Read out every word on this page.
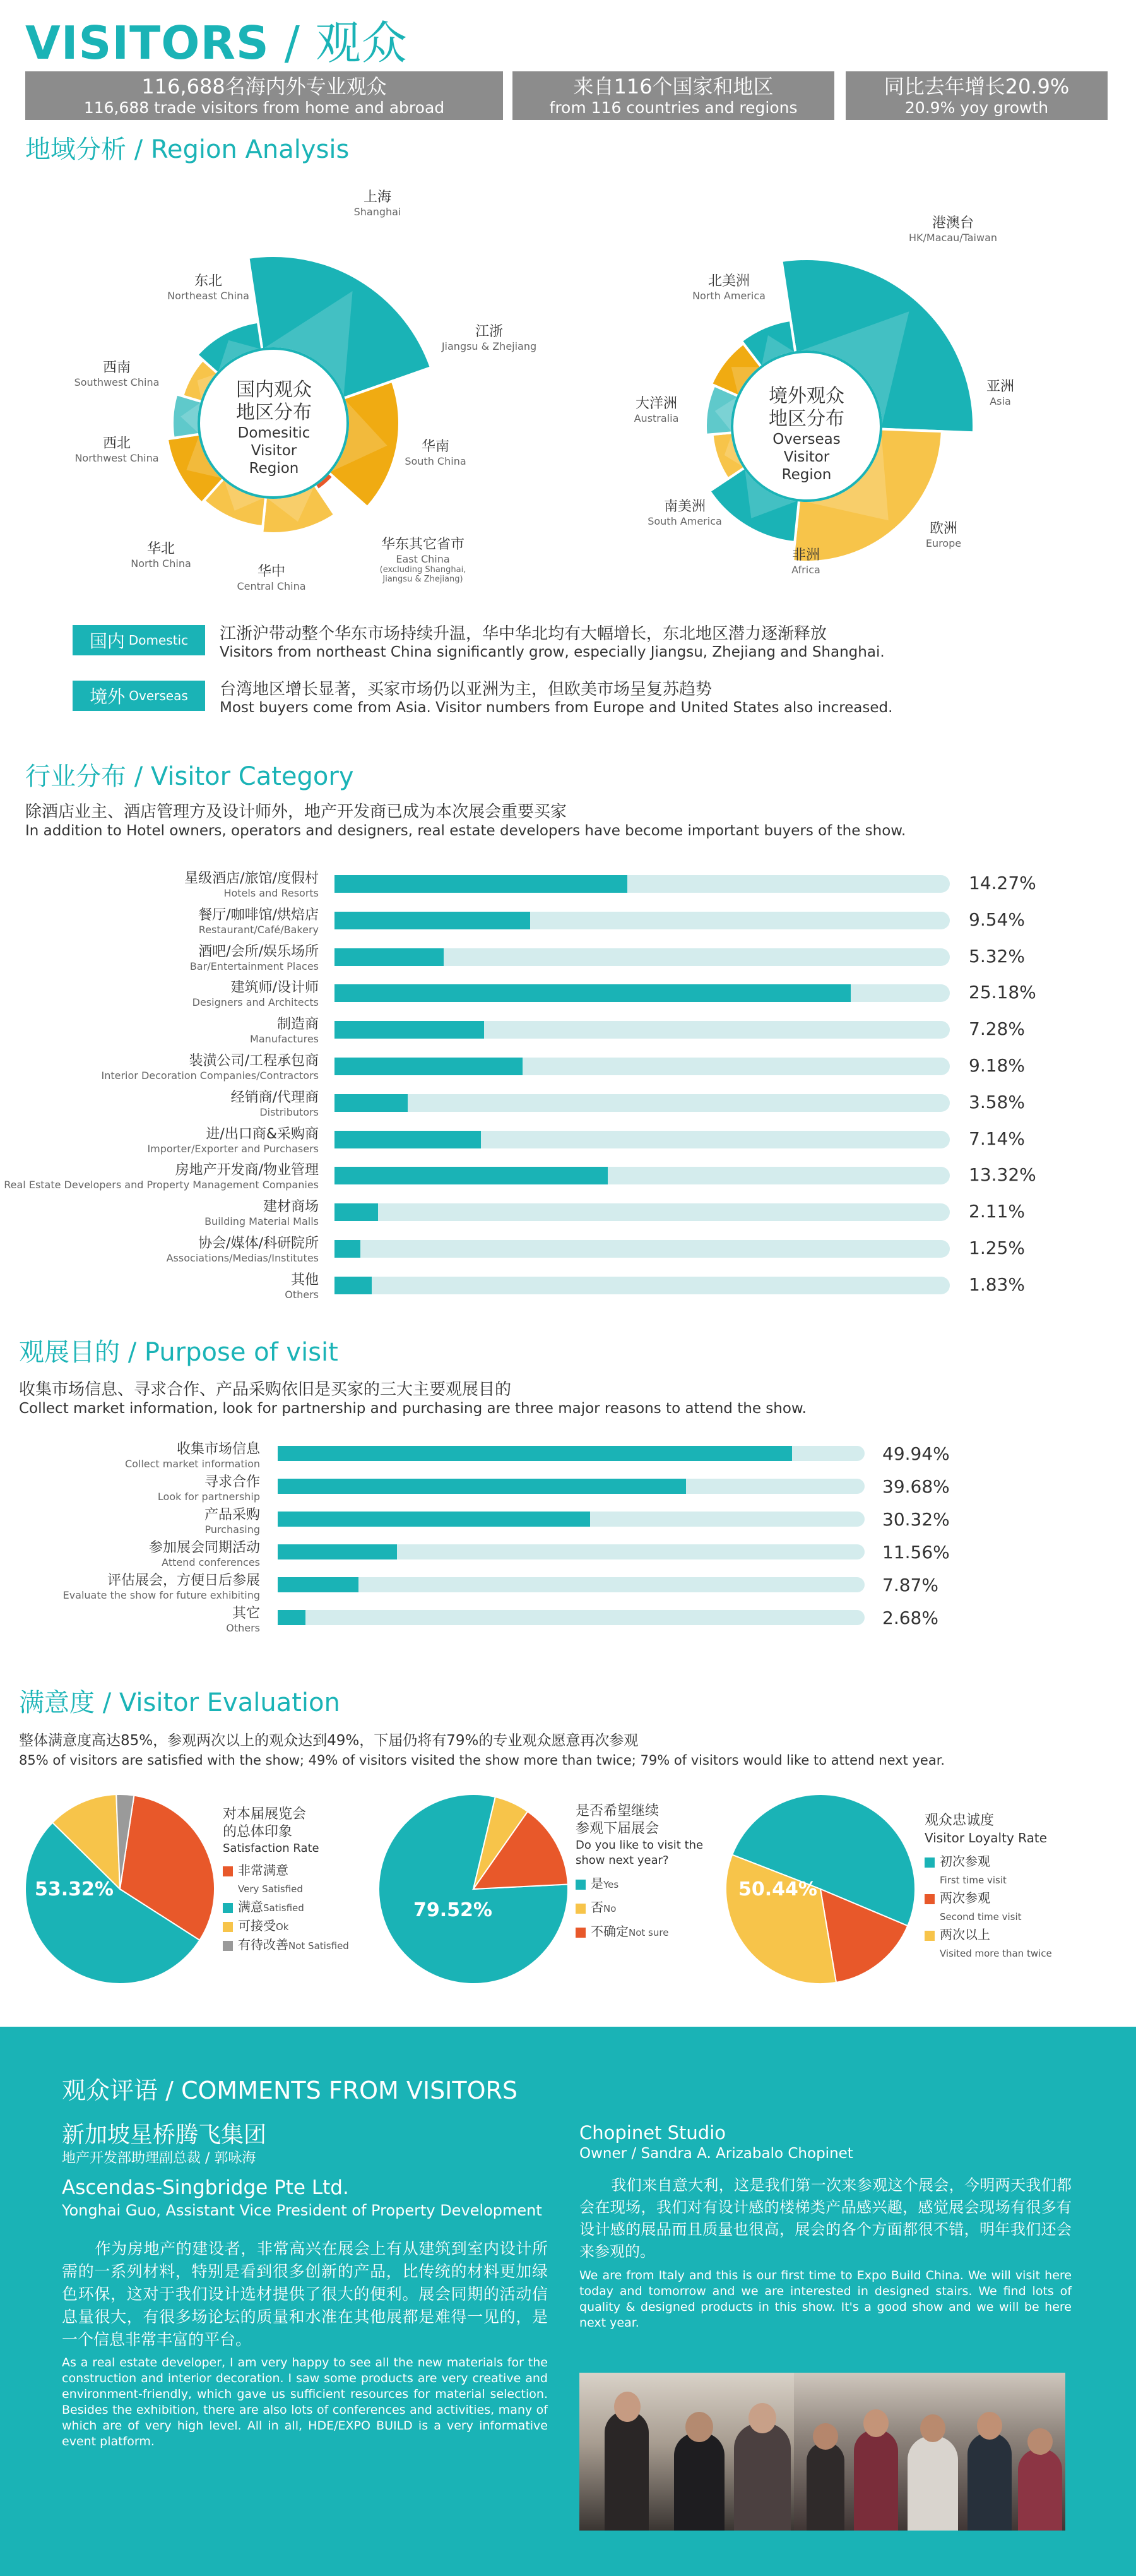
VISITORS / 观众
116,688名海内外专业观众
116,688 trade visitors from home and abroad
来自116个国家和地区
from 116 countries and regions
同比去年增长20.9%
20.9% yoy growth
地域分析 / Region Analysis
国内观众
地区分布
Domesitic
Visitor
Region
境外观众
地区分布
Overseas
Visitor
Region
上海
Shanghai
江浙
Jiangsu & Zhejiang
华南
South China
华东其它省市
East China
(excluding Shanghai,
Jiangsu & Zhejiang)
华中
Central China
华北
North China
西北
Northwest China
西南
Southwest China
东北
Northeast China
港澳台
HK/Macau/Taiwan
亚洲
Asia
欧洲
Europe
非洲
Africa
南美洲
South America
大洋洲
Australia
北美洲
North America
国内 Domestic 江浙沪带动整个华东市场持续升温，华中华北均有大幅增长，东北地区潜力逐渐释放
Visitors from northeast China significantly grow, especially Jiangsu, Zhejiang and Shanghai.
境外 Overseas 台湾地区增长显著，买家市场仍以亚洲为主，但欧美市场呈复苏趋势
Most buyers come from Asia. Visitor numbers from Europe and United States also increased.
行业分布 / Visitor Category
除酒店业主、酒店管理方及设计师外，地产开发商已成为本次展会重要买家
In addition to Hotel owners, operators and designers, real estate developers have become important buyers of the show.
观展目的 / Purpose of visit
收集市场信息、寻求合作、产品采购依旧是买家的三大主要观展目的
Collect market information, look for partnership and purchasing are three major reasons to attend the show.
满意度 / Visitor Evaluation
整体满意度高达85%，参观两次以上的观众达到49%，下届仍将有79%的专业观众愿意再次参观
85% of visitors are satisfied with the show; 49% of visitors visited the show more than twice; 79% of visitors would like to attend next year.
53.32%
79.52%
50.44%
对本届展览会
的总体印象
Satisfaction Rate
非常满意
Very Satisfied
满意Satisfied
可接受Ok
有待改善Not Satisfied
是否希望继续
参观下届展会
Do you like to visit the
show next year?
是Yes
否No
不确定Not sure
观众忠诚度
Visitor Loyalty Rate
初次参观
First time visit
两次参观
Second time visit
两次以上
Visited more than twice
观众评语 / COMMENTS FROM VISITORS
新加坡星桥腾飞集团
地产开发部助理副总裁 / 郭咏海
Ascendas-Singbridge Pte Ltd.
Yonghai Guo, Assistant Vice President of Property Development
作为房地产的建设者，非常高兴在展会上有从建筑到室内设计所需的一系列材料，特别是看到很多创新的产品，比传统的材料更加绿色环保，这对于我们设计选材提供了很大的便利。展会同期的活动信息量很大，有很多场论坛的质量和水准在其他展都是难得一见的，是一个信息非常丰富的平台。
As a real estate developer, I am very happy to see all the new materials for the construction and interior decoration. I saw some products are very creative and environment-friendly, which gave us sufficient resources for material selection. Besides the exhibition, there are also lots of conferences and activities, many of which are of very high level. All in all, HDE/EXPO BUILD is a very informative event platform.
Chopinet Studio
Owner / Sandra A. Arizabalo Chopinet
我们来自意大利，这是我们第一次来参观这个展会，今明两天我们都会在现场，我们对有设计感的楼梯类产品感兴趣，感觉展会现场有很多有设计感的展品而且质量也很高，展会的各个方面都很不错，明年我们还会来参观的。
We are from Italy and this is our first time to Expo Build China. We will visit here today and tomorrow and we are interested in designed stairs. We find lots of quality & designed products in this show. It's a good show and we will be here next year.
星级酒店/旅馆/度假村
Hotels and Resorts	14.27%
餐厅/咖啡馆/烘焙店
Restaurant/Café/Bakery	9.54%
酒吧/会所/娱乐场所
Bar/Entertainment Places	5.32%
建筑师/设计师
Designers and Architects	25.18%
制造商
Manufactures	7.28%
装潢公司/工程承包商
Interior Decoration Companies/Contractors	9.18%
经销商/代理商
Distributors	3.58%
进/出口商&采购商
Importer/Exporter and Purchasers	7.14%
房地产开发商/物业管理
Real Estate Developers and Property Management Companies	13.32%
建材商场
Building Material Malls	2.11%
协会/媒体/科研院所
Associations/Medias/Institutes	1.25%
其他
Others	1.83%
收集市场信息
Collect market information	49.94%
寻求合作
Look for partnership	39.68%
产品采购
Purchasing	30.32%
参加展会同期活动
Attend conferences	11.56%
评估展会，方便日后参展
Evaluate the show for future exhibiting	7.87%
其它
Others	2.68%
